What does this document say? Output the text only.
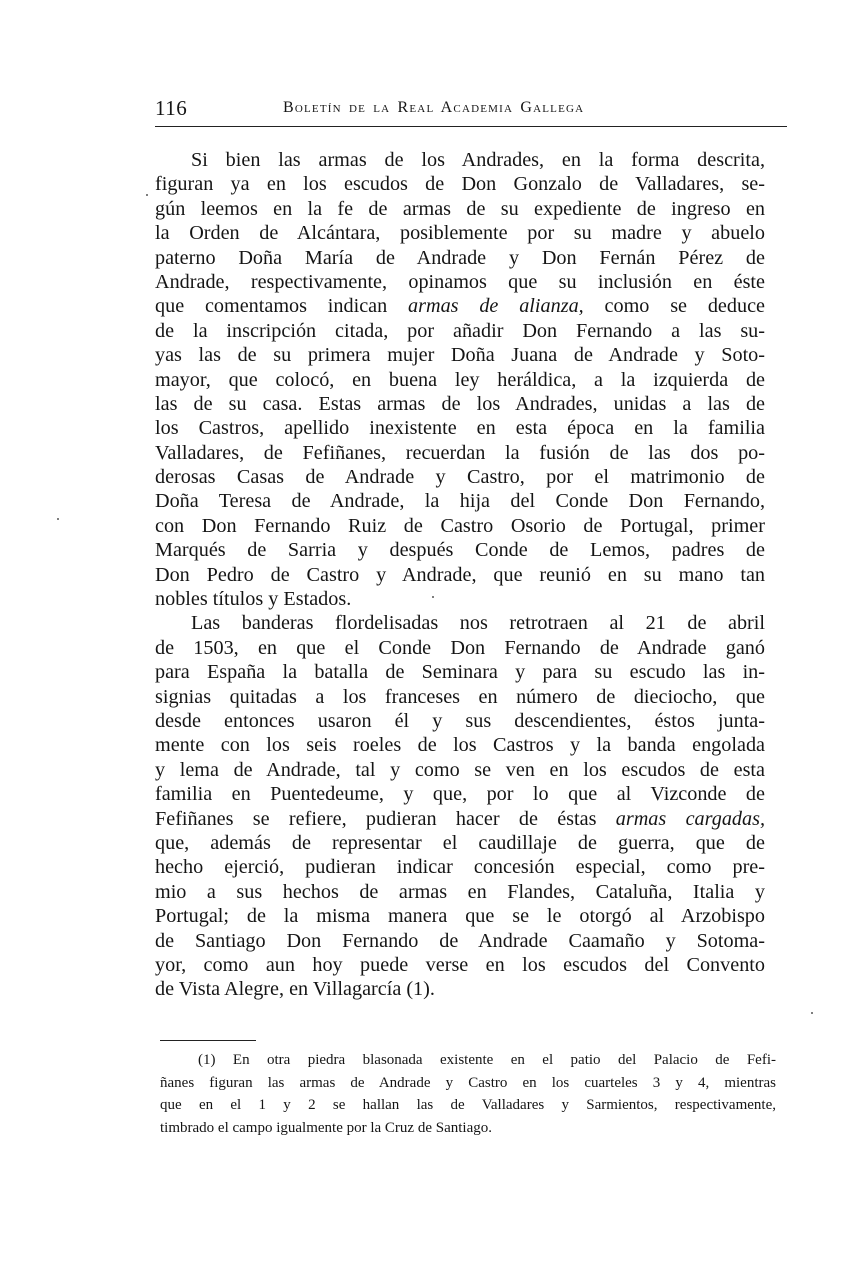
116	Boletín de la Real Academia Gallega
Si bien las armas de los Andrades, en la forma descrita,
figuran ya en los escudos de Don Gonzalo de Valladares, se-
gún leemos en la fe de armas de su expediente de ingreso en
la Orden de Alcántara, posiblemente por su madre y abuelo
paterno Doña María de Andrade y Don Fernán Pérez de
Andrade, respectivamente, opinamos que su inclusión en éste
que comentamos indican armas de alianza, como se deduce
de la inscripción citada, por añadir Don Fernando a las su-
yas las de su primera mujer Doña Juana de Andrade y Soto-
mayor, que colocó, en buena ley heráldica, a la izquierda de
las de su casa. Estas armas de los Andrades, unidas a las de
los Castros, apellido inexistente en esta época en la familia
Valladares, de Fefiñanes, recuerdan la fusión de las dos po-
derosas Casas de Andrade y Castro, por el matrimonio de
Doña Teresa de Andrade, la hija del Conde Don Fernando,
con Don Fernando Ruiz de Castro Osorio de Portugal, primer
Marqués de Sarria y después Conde de Lemos, padres de
Don Pedro de Castro y Andrade, que reunió en su mano tan
nobles títulos y Estados.
Las banderas flordelisadas nos retrotraen al 21 de abril
de 1503, en que el Conde Don Fernando de Andrade ganó
para España la batalla de Seminara y para su escudo las in-
signias quitadas a los franceses en número de dieciocho, que
desde entonces usaron él y sus descendientes, éstos junta-
mente con los seis roeles de los Castros y la banda engolada
y lema de Andrade, tal y como se ven en los escudos de esta
familia en Puentedeume, y que, por lo que al Vizconde de
Fefiñanes se refiere, pudieran hacer de éstas armas cargadas,
que, además de representar el caudillaje de guerra, que de
hecho ejerció, pudieran indicar concesión especial, como pre-
mio a sus hechos de armas en Flandes, Cataluña, Italia y
Portugal; de la misma manera que se le otorgó al Arzobispo
de Santiago Don Fernando de Andrade Caamaño y Sotoma-
yor, como aun hoy puede verse en los escudos del Convento
de Vista Alegre, en Villagarcía (1).
(1) En otra piedra blasonada existente en el patio del Palacio de Fefi-
ñanes figuran las armas de Andrade y Castro en los cuarteles 3 y 4, mientras
que en el 1 y 2 se hallan las de Valladares y Sarmientos, respectivamente,
timbrado el campo igualmente por la Cruz de Santiago.
